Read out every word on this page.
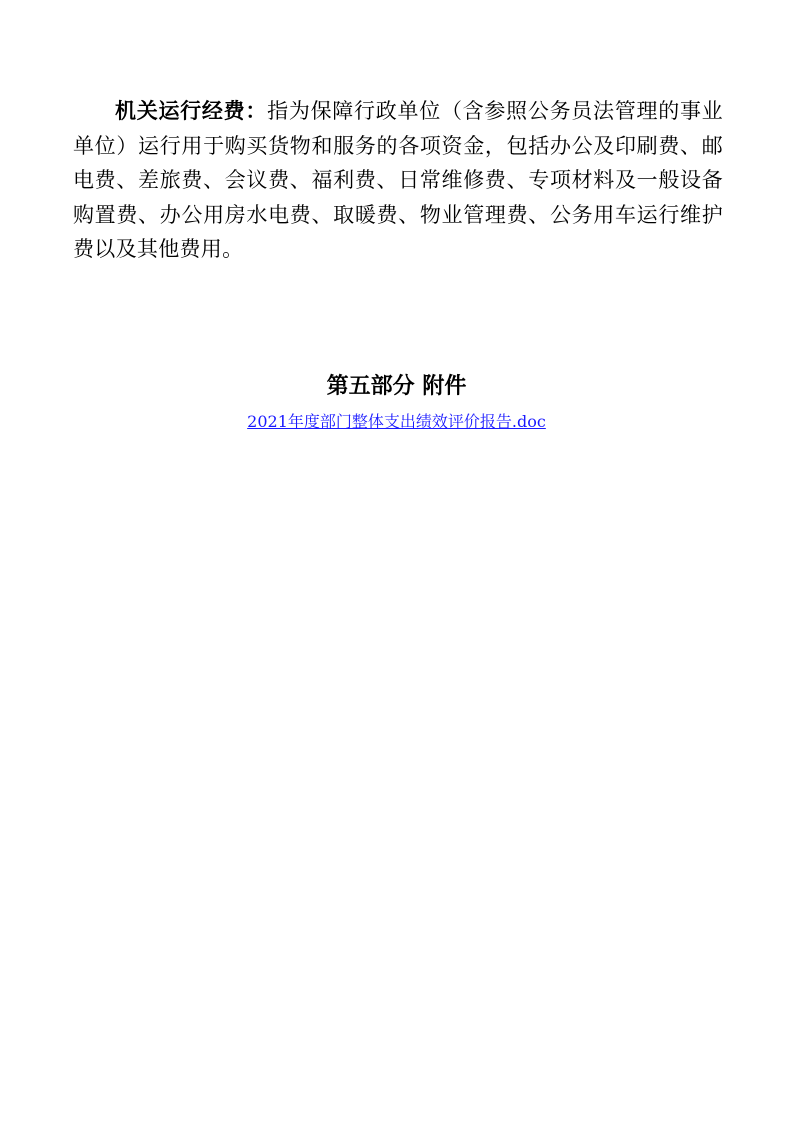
机关运行经费：指为保障行政单位（含参照公务员法管理的事业单位）运行用于购买货物和服务的各项资金，包括办公及印刷费、邮电费、差旅费、会议费、福利费、日常维修费、专项材料及一般设备购置费、办公用房水电费、取暖费、物业管理费、公务用车运行维护费以及其他费用。

第五部分 附件
2021年度部门整体支出绩效评价报告.doc
